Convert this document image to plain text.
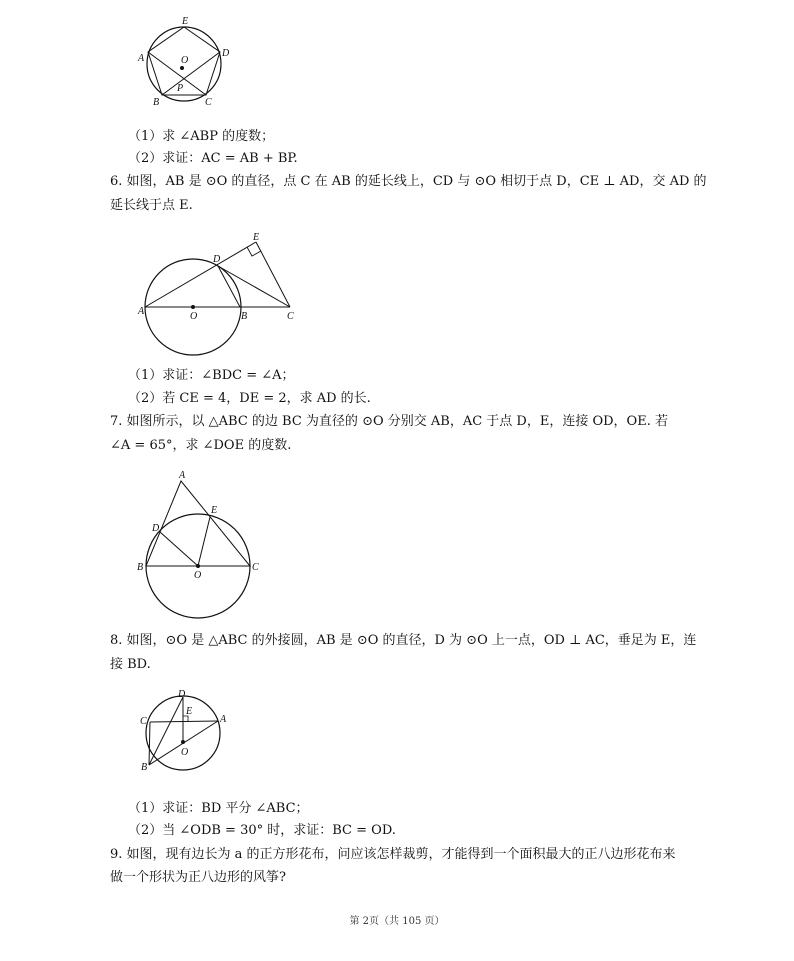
E
D
A	O
P
B	C
（1）求 ∠ABP 的度数；
（2）求证：AC = AB + BP.
6. 如图，AB 是 ⊙O 的直径，点 C 在 AB 的延长线上，CD 与 ⊙O 相切于点 D，CE ⊥ AD，交 AD 的
延长线于点 E.
E
D
A	O	B	C
（1）求证：∠BDC = ∠A；
（2）若 CE = 4，DE = 2，求 AD 的长.
7. 如图所示，以 △ABC 的边 BC 为直径的 ⊙O 分别交 AB，AC 于点 D，E，连接 OD，OE. 若
∠A = 65°，求 ∠DOE 的度数.
A
E
D
B
O
C
8. 如图，⊙O 是 △ABC 的外接圆，AB 是 ⊙O 的直径，D 为 ⊙O 上一点，OD ⊥ AC，垂足为 E，连
接 BD.
D
C
E
A
O
B
（1）求证：BD 平分 ∠ABC；
（2）当 ∠ODB = 30° 时，求证：BC = OD.
9. 如图，现有边长为 a 的正方形花布，问应该怎样裁剪，才能得到一个面积最大的正八边形花布来
做一个形状为正八边形的风筝?
第 2页（共 105 页）
